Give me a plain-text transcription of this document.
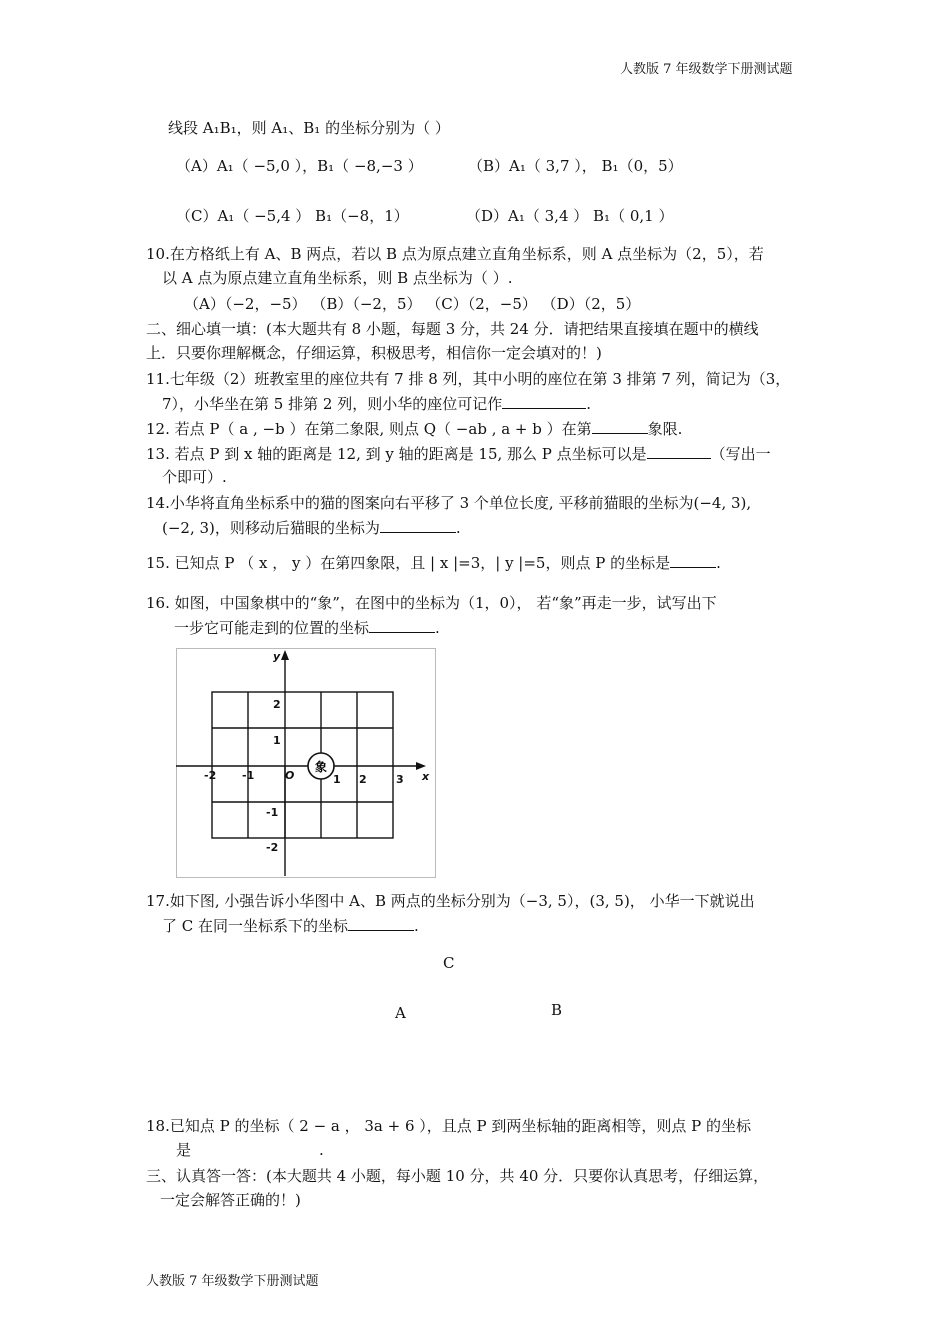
人教版 7 年级数学下册测试题
线段 A₁B₁，则 A₁、B₁ 的坐标分别为（ ）
（A）A₁（ −5,0 ），B₁（ −8,−3 ）	（B）A₁（ 3,7 ）， B₁（0，5）
（C）A₁（ −5,4 ） B₁（−8，1）	（D）A₁（ 3,4 ） B₁（ 0,1 ）
10.在方格纸上有 A、B 两点，若以 B 点为原点建立直角坐标系，则 A 点坐标为（2，5），若
以 A 点为原点建立直角坐标系，则 B 点坐标为（ ）.
（A）（−2，−5） （B）（−2，5） （C）（2，−5） （D）（2，5）
二、细心填一填：(本大题共有 8 小题，每题 3 分，共 24 分．请把结果直接填在题中的横线
上．只要你理解概念，仔细运算，积极思考，相信你一定会填对的！)
11.七年级（2）班教室里的座位共有 7 排 8 列，其中小明的座位在第 3 排第 7 列，简记为（3，
7），小华坐在第 5 排第 2 列，则小华的座位可记作	.
12. 若点 P（ a , −b ）在第二象限, 则点 Q（ −ab , a + b ）在第	象限.
13. 若点 P 到 x 轴的距离是 12, 到 y 轴的距离是 15, 那么 P 点坐标可以是	（写出一
个即可）.
14.小华将直角坐标系中的猫的图案向右平移了 3 个单位长度, 平移前猫眼的坐标为(−4, 3),
(−2, 3)，则移动后猫眼的坐标为	.
15. 已知点 P （ x ， y ）在第四象限，且 | x |=3，| y |=5，则点 P 的坐标是	.
16. 如图，中国象棋中的“象”，在图中的坐标为（1，0）， 若“象”再走一步，试写出下
一步它可能走到的位置的坐标	.
象
y
x
O
-2 -1	1 2	3
2
1
-1
-2
17.如下图, 小强告诉小华图中 A、B 两点的坐标分别为（−3, 5），(3, 5)， 小华一下就说出
了 C 在同一坐标系下的坐标	.
C
A	B
18.已知点 P 的坐标（ 2 − a ， 3a + 6 ），且点 P 到两坐标轴的距离相等，则点 P 的坐标
是	.
三、认真答一答：(本大题共 4 小题，每小题 10 分，共 40 分．只要你认真思考，仔细运算，
一定会解答正确的！)
人教版 7 年级数学下册测试题
